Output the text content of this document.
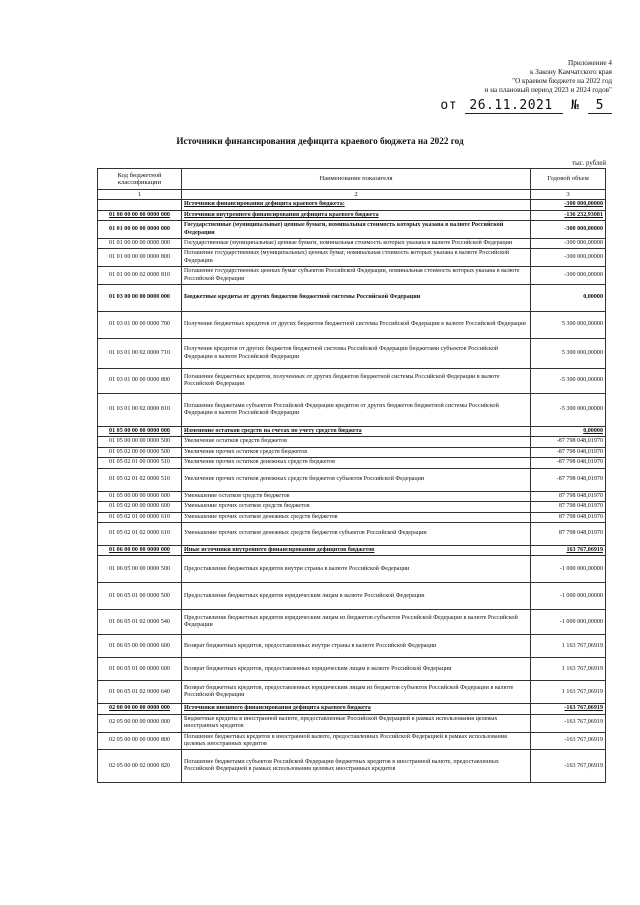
Приложение 4
к Закону Камчатского края
"О краевом бюджете на 2022 год
и на плановый период 2023 и 2024 годов"
от 26.11.2021 № 5
Источники финансирования дефицита краевого бюджета на 2022 год
тыс. рублей
Код бюджетной классификации	Наименование показателя	Годовой объем
1	2	3
	Источники финансирования дефицита краевого бюджета:	-300 000,00000
01 00 00 00 00 0000 000	Источники внутреннего финансирования дефицита краевого бюджета	-136 232,93081
01 01 00 00 00 0000 000	Государственные (муниципальные) ценные бумаги, номинальная стоимость которых указана в валюте Российской Федерации	-300 000,00000
01 01 00 00 00 0000 000	Государственные (муниципальные) ценные бумаги, номинальная стоимость которых указана в валюте Российской Федерации	-300 000,00000
01 01 00 00 00 0000 800	Погашение государственных (муниципальных) ценных бумаг, номинальная стоимость которых указана в валюте Российской Федерации	-300 000,00000
01 01 00 00 02 0000 810	Погашение государственных ценных бумаг субъектов Российской Федерации, номинальная стоимость которых указана в валюте Российской Федерации	-300 000,00000
01 03 00 00 00 0000 000	Бюджетные кредиты от других бюджетов бюджетной системы Российской Федерации	0,00000
01 03 01 00 00 0000 700	Получение бюджетных кредитов от других бюджетов бюджетной системы Российской Федерации в валюте Российской Федерации	5 300 000,00000
01 03 01 00 02 0000 710	Получение кредитов от других бюджетов бюджетной системы Российской Федерации бюджетами субъектов Российской Федерации в валюте Российской Федерации	5 300 000,00000
01 03 01 00 00 0000 800	Погашение бюджетных кредитов, полученных от других бюджетов бюджетной системы Российской Федерации в валюте Российской Федерации	-5 300 000,00000
01 03 01 00 02 0000 810	Погашение бюджетами субъектов Российской Федерации кредитов от других бюджетов бюджетной системы Российской Федерации в валюте Российской Федерации	-5 300 000,00000
01 05 00 00 00 0000 000	Изменение остатков средств на счетах по учету средств бюджета	0,00000
01 05 00 00 00 0000 500	Увеличение остатков средств бюджетов	-87 798 048,01970
01 05 02 00 00 0000 500	Увеличение прочих остатков средств бюджетов	-87 798 048,01970
01 05 02 01 00 0000 510	Увеличение прочих остатков денежных средств бюджетов	-87 798 048,01970
01 05 02 01 02 0000 510	Увеличение прочих остатков денежных средств бюджетов субъектов Российской Федерации	-87 798 048,01970
01 05 00 00 00 0000 600	Уменьшение остатков средств бюджетов	87 798 048,01970
01 05 02 00 00 0000 600	Уменьшение прочих остатков средств бюджетов	87 798 048,01970
01 05 02 01 00 0000 610	Уменьшение прочих остатков денежных средств бюджетов	87 798 048,01970
01 05 02 01 02 0000 610	Уменьшение прочих остатков денежных средств бюджетов субъектов Российской Федерации	87 798 048,01970
01 06 00 00 00 0000 000	Иные источники внутреннего финансирования дефицитов бюджетов	163 767,06919
01 06 05 00 00 0000 500	Предоставление бюджетных кредитов внутри страны в валюте Российской Федерации	-1 000 000,00000
01 06 05 01 00 0000 500	Предоставление бюджетных кредитов юридическим лицам в валюте Российской Федерации	-1 000 000,00000
01 06 05 01 02 0000 540	Предоставление бюджетных кредитов юридическим лицам из бюджетов субъектов Российской Федерации в валюте Российской Федерации	-1 000 000,00000
01 06 05 00 00 0000 600	Возврат бюджетных кредитов, предоставленных внутри страны в валюте Российской Федерации	1 163 767,06919
01 06 05 01 00 0000 600	Возврат бюджетных кредитов, предоставленных юридическим лицам в валюте Российской Федерации	1 163 767,06919
01 06 05 01 02 0000 640	Возврат бюджетных кредитов, предоставленных юридическим лицам из бюджетов субъектов Российской Федерации в валюте Российской Федерации	1 163 767,06919
02 00 00 00 00 0000 000	Источники внешнего финансирования дефицита краевого бюджета	-163 767,06919
02 05 00 00 00 0000 000	Бюджетные кредиты в иностранной валюте, предоставленные Российской Федерацией в рамках использования целевых иностранных кредитов	-163 767,06919
02 05 00 00 00 0000 800	Погашение бюджетных кредитов в иностранной валюте, предоставленных Российской Федерацией в рамках использования целевых иностранных кредитов	-163 767,06919
02 05 00 00 02 0000 820	Погашение бюджетами субъектов Российской Федерации бюджетных кредитов в иностранной валюте, предоставленных Российской Федерацией в рамках использования целевых иностранных кредитов	-163 767,06919
